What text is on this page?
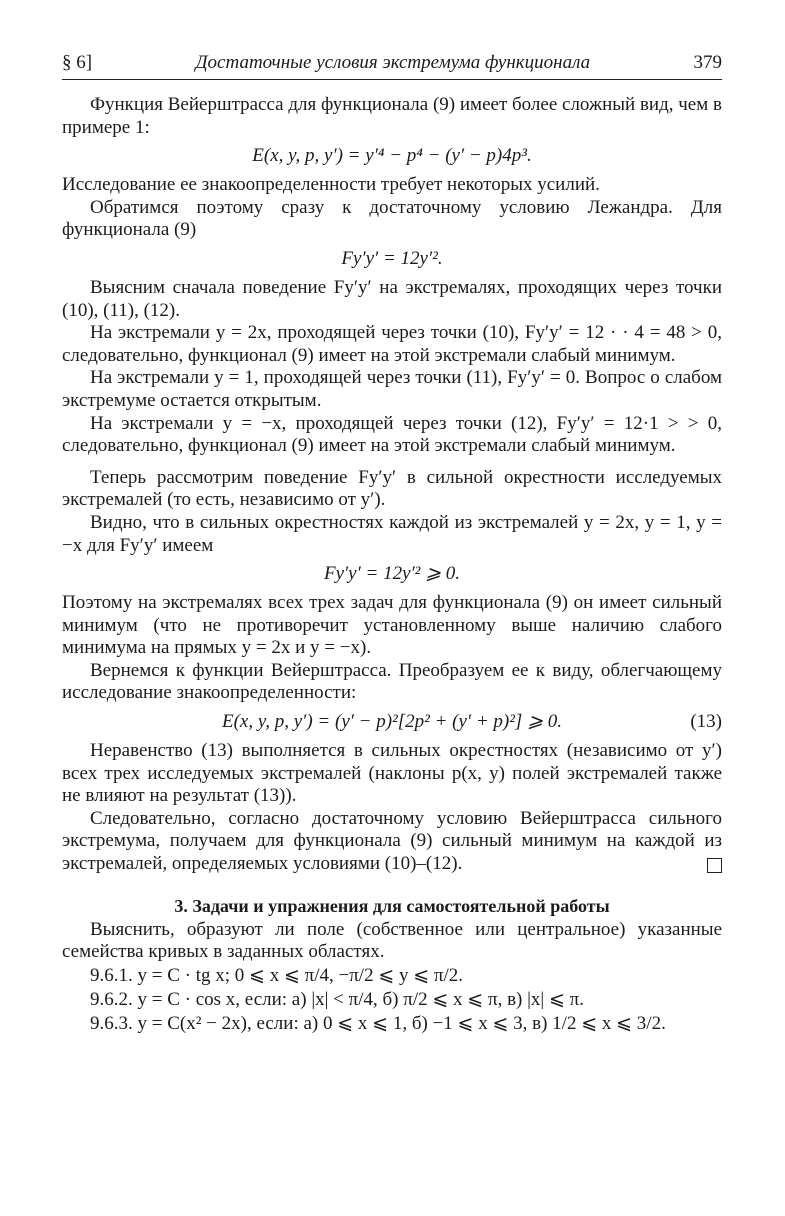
§ 6]	Достаточные условия экстремума функционала	379

Функция Вейерштрасса для функционала (9) имеет более сложный вид, чем в примере 1:

E(x, y, p, y′) = y′⁴ − p⁴ − (y′ − p)4p³.

Исследование ее знакоопределенности требует некоторых усилий.

Обратимся поэтому сразу к достаточному условию Лежандра. Для функционала (9)

Fy′y′ = 12y′².

Выясним сначала поведение Fy′y′ на экстремалях, проходящих через точки (10), (11), (12).

На экстремали y = 2x, проходящей через точки (10), Fy′y′ = 12 · · 4 = 48 > 0, следовательно, функционал (9) имеет на этой экстремали слабый минимум.

На экстремали y = 1, проходящей через точки (11), Fy′y′ = 0. Вопрос о слабом экстремуме остается открытым.

На экстремали y = −x, проходящей через точки (12), Fy′y′ = 12·1 > > 0, следовательно, функционал (9) имеет на этой экстремали слабый минимум.

Теперь рассмотрим поведение Fy′y′ в сильной окрестности исследуемых экстремалей (то есть, независимо от y′).

Видно, что в сильных окрестностях каждой из экстремалей y = 2x, y = 1, y = −x для Fy′y′ имеем

Fy′y′ = 12y′² ⩾ 0.

Поэтому на экстремалях всех трех задач для функционала (9) он имеет сильный минимум (что не противоречит установленному выше наличию слабого минимума на прямых y = 2x и y = −x).

Вернемся к функции Вейерштрасса. Преобразуем ее к виду, облегчающему исследование знакоопределенности:

E(x, y, p, y′) = (y′ − p)²[2p² + (y′ + p)²] ⩾ 0.	(13)

Неравенство (13) выполняется в сильных окрестностях (независимо от y′) всех трех исследуемых экстремалей (наклоны p(x, y) полей экстремалей также не влияют на результат (13)).

Следовательно, согласно достаточному условию Вейерштрасса сильного экстремума, получаем для функционала (9) сильный минимум на каждой из экстремалей, определяемых условиями (10)–(12).

3. Задачи и упражнения для самостоятельной работы

Выяснить, образуют ли поле (собственное или центральное) указанные семейства кривых в заданных областях.

9.6.1. y = C · tg x; 0 ⩽ x ⩽ π/4, −π/2 ⩽ y ⩽ π/2.
9.6.2. y = C · cos x, если: а) |x| < π/4, б) π/2 ⩽ x ⩽ π, в) |x| ⩽ π.
9.6.3. y = C(x² − 2x), если: а) 0 ⩽ x ⩽ 1, б) −1 ⩽ x ⩽ 3, в) 1/2 ⩽ x ⩽ 3/2.
